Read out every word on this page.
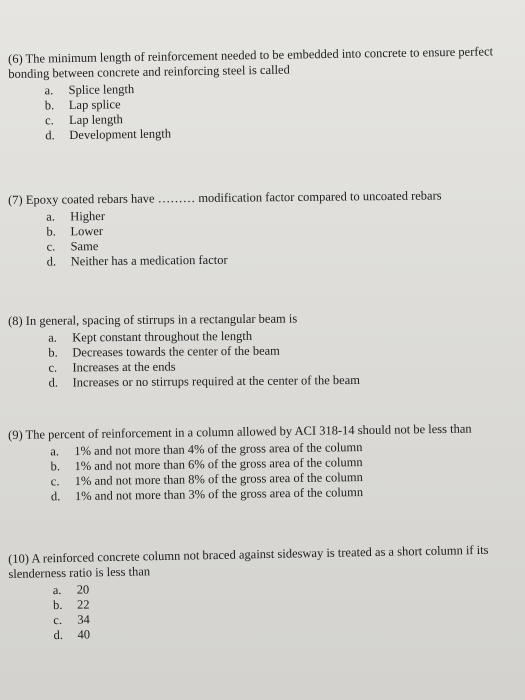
(6) The minimum length of reinforcement needed to be embedded into concrete to ensure perfect bonding between concrete and reinforcing steel is called

a.	Splice length
b.	Lap splice
c.	Lap length
d.	Development length

(7) Epoxy coated rebars have ……… modification factor compared to uncoated rebars

a.	Higher
b.	Lower
c.	Same
d.	Neither has a medication factor

(8) In general, spacing of stirrups in a rectangular beam is

a.	Kept constant throughout the length
b.	Decreases towards the center of the beam
c.	Increases at the ends
d.	Increases or no stirrups required at the center of the beam

(9) The percent of reinforcement in a column allowed by ACI 318-14 should not be less than

a.	1% and not more than 4% of the gross area of the column
b.	1% and not more than 6% of the gross area of the column
c.	1% and not more than 8% of the gross area of the column
d.	1% and not more than 3% of the gross area of the column

(10) A reinforced concrete column not braced against sidesway is treated as a short column if its slenderness ratio is less than

a.	20
b.	22
c.	34
d.	40
